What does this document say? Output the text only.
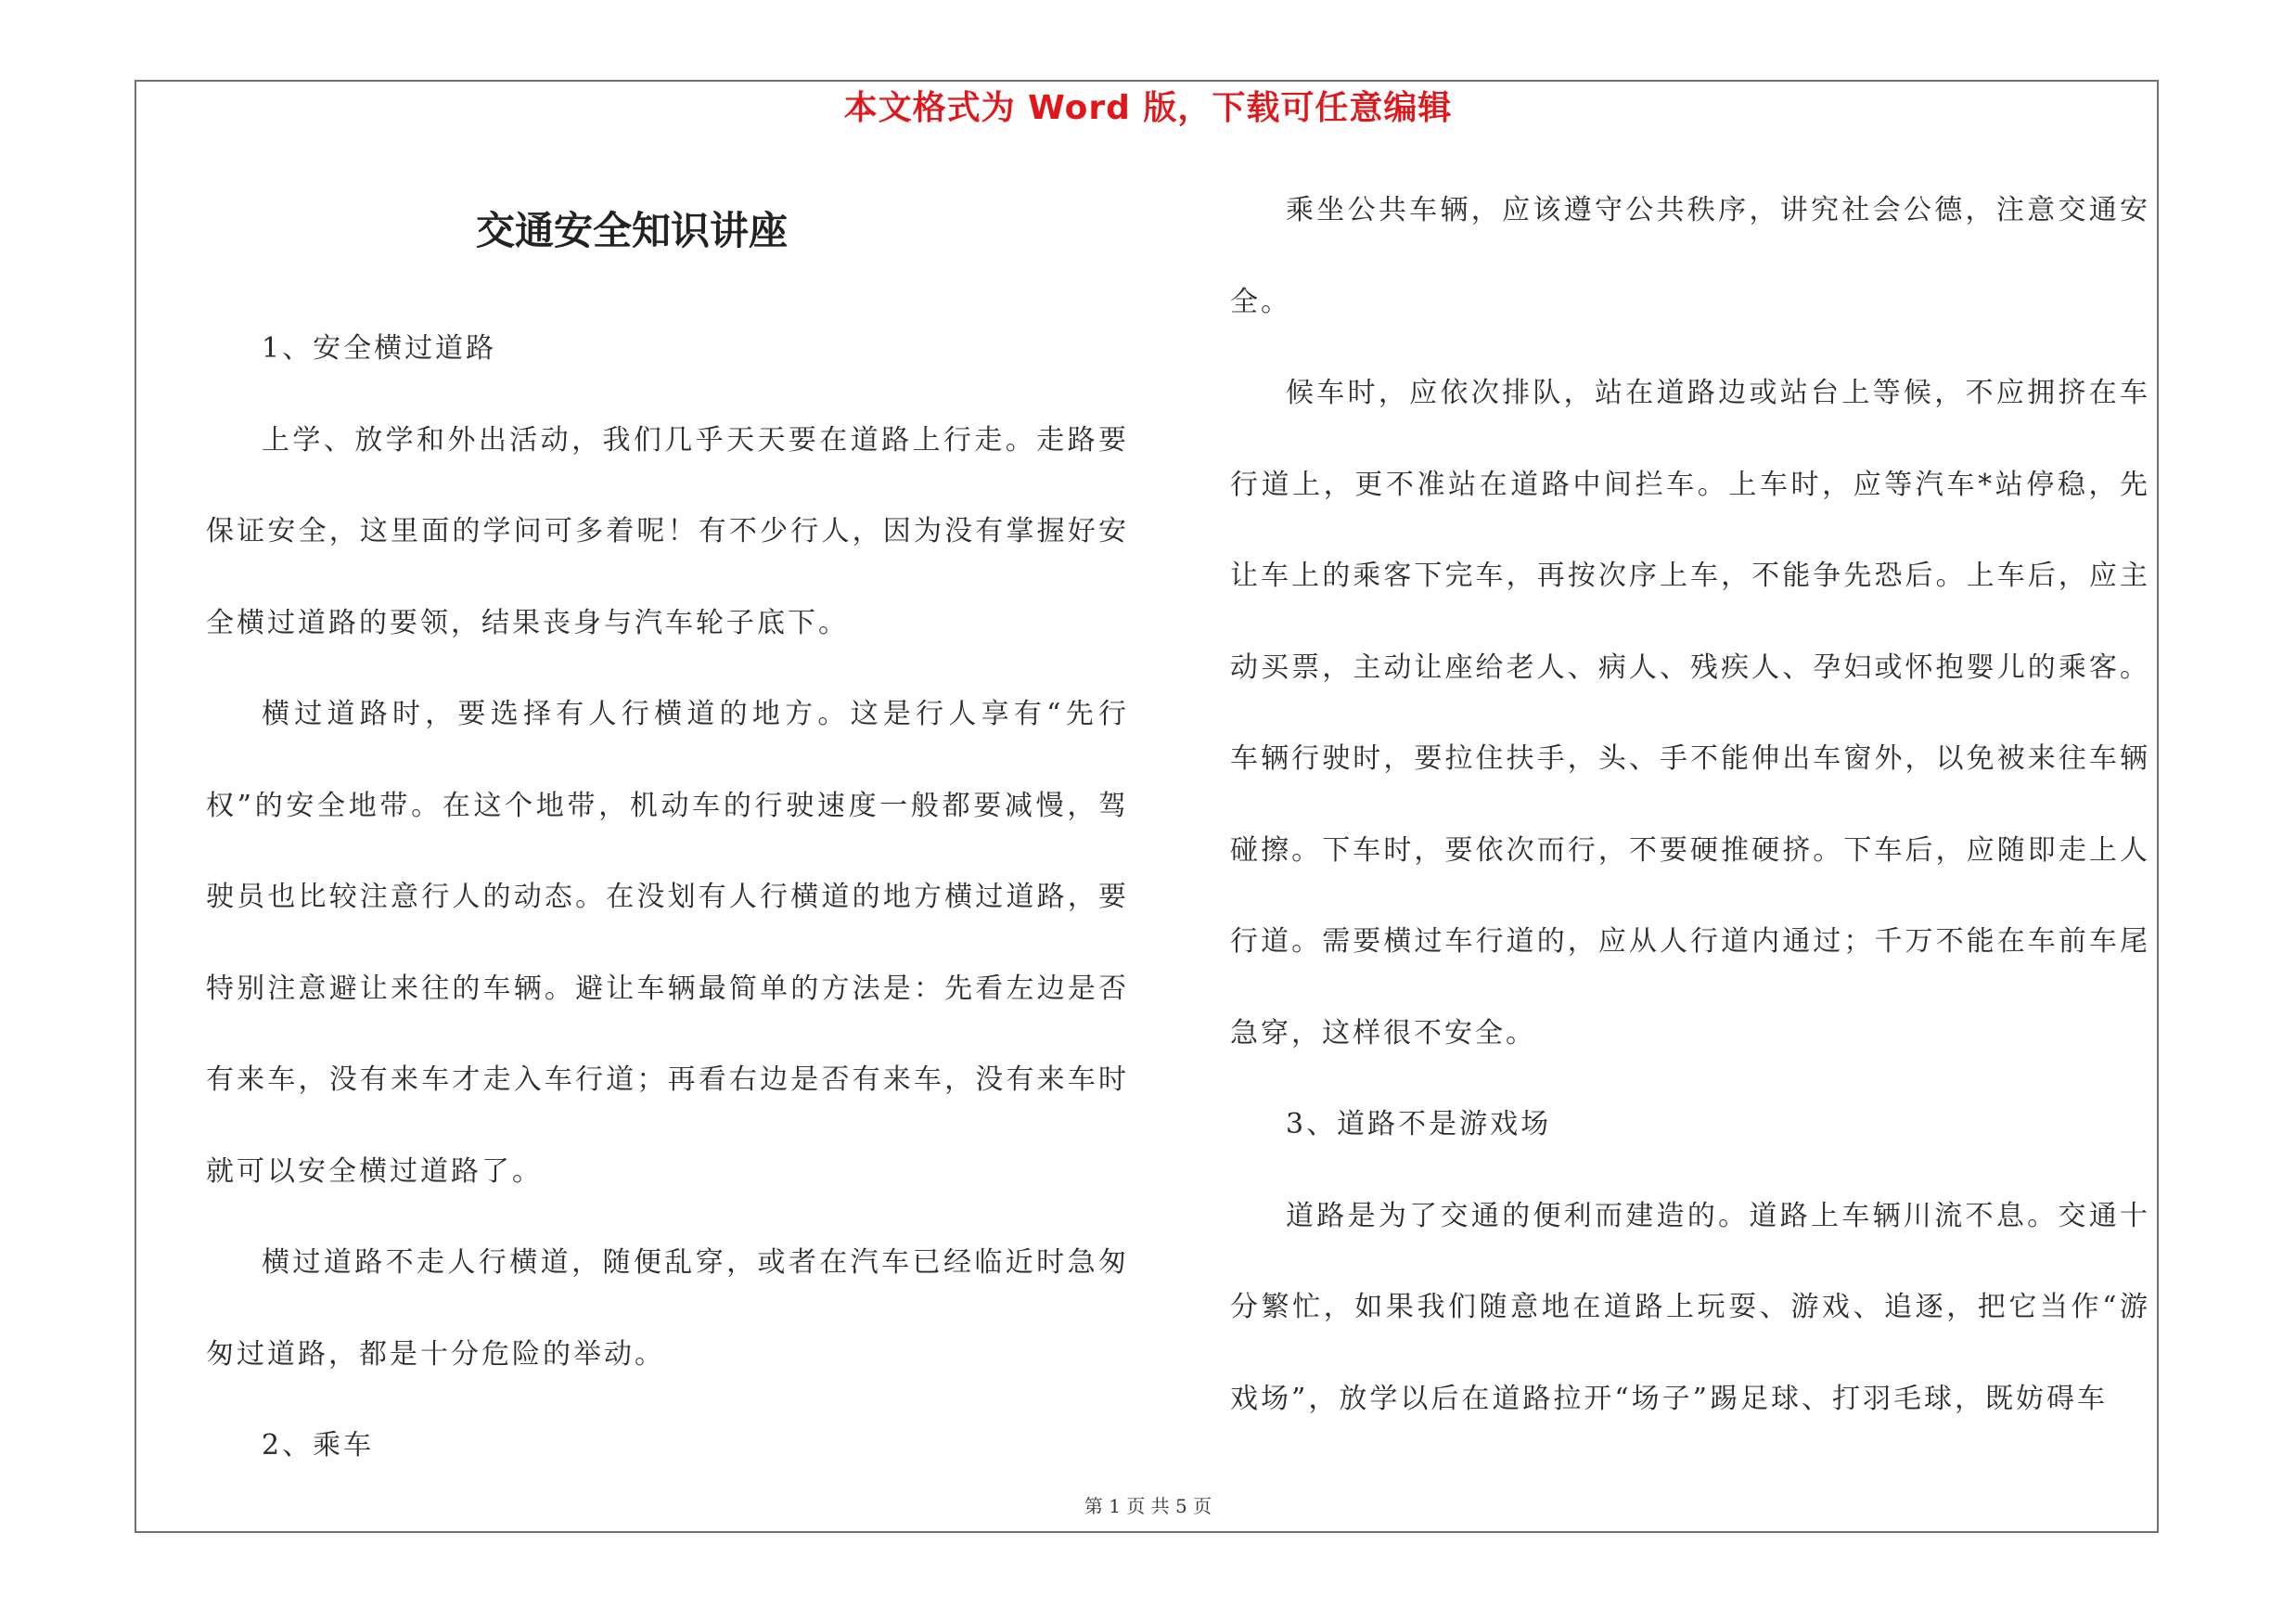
本文格式为 Word 版，下载可任意编辑
交通安全知识讲座

1、安全横过道路

上学、放学和外出活动，我们几乎天天要在道路上行走。走路要保证安全，这里面的学问可多着呢！有不少行人，因为没有掌握好安全横过道路的要领，结果丧身与汽车轮子底下。

横过道路时，要选择有人行横道的地方。这是行人享有“先行权”的安全地带。在这个地带，机动车的行驶速度一般都要减慢，驾驶员也比较注意行人的动态。在没划有人行横道的地方横过道路，要特别注意避让来往的车辆。避让车辆最简单的方法是：先看左边是否有来车，没有来车才走入车行道；再看右边是否有来车，没有来车时就可以安全横过道路了。

横过道路不走人行横道，随便乱穿，或者在汽车已经临近时急匆匆过道路，都是十分危险的举动。

2、乘车

乘坐公共车辆，应该遵守公共秩序，讲究社会公德，注意交通安全。

候车时，应依次排队，站在道路边或站台上等候，不应拥挤在车行道上，更不准站在道路中间拦车。上车时，应等汽车*站停稳，先让车上的乘客下完车，再按次序上车，不能争先恐后。上车后，应主动买票，主动让座给老人、病人、残疾人、孕妇或怀抱婴儿的乘客。车辆行驶时，要拉住扶手，头、手不能伸出车窗外，以免被来往车辆碰擦。下车时，要依次而行，不要硬推硬挤。下车后，应随即走上人行道。需要横过车行道的，应从人行道内通过；千万不能在车前车尾急穿，这样很不安全。

3、道路不是游戏场

道路是为了交通的便利而建造的。道路上车辆川流不息。交通十分繁忙，如果我们随意地在道路上玩耍、游戏、追逐，把它当作“游戏场”，放学以后在道路拉开“场子”踢足球、打羽毛球，既妨碍车

第 1 页 共 5 页
